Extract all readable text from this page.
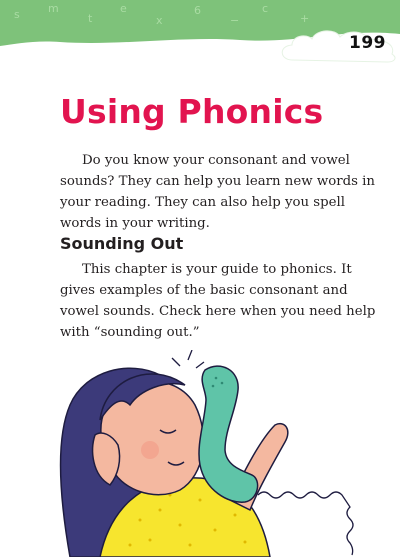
s	m
t
e
x
6
−
c
+
199
Using Phonics

Do you know your consonant and vowel sounds? They can help you learn new words in your reading. They can also help you spell words in your writing.

Sounding Out

This chapter is your guide to phonics. It gives examples of the basic consonant and vowel sounds. Check here when you need help with “sounding out.”
